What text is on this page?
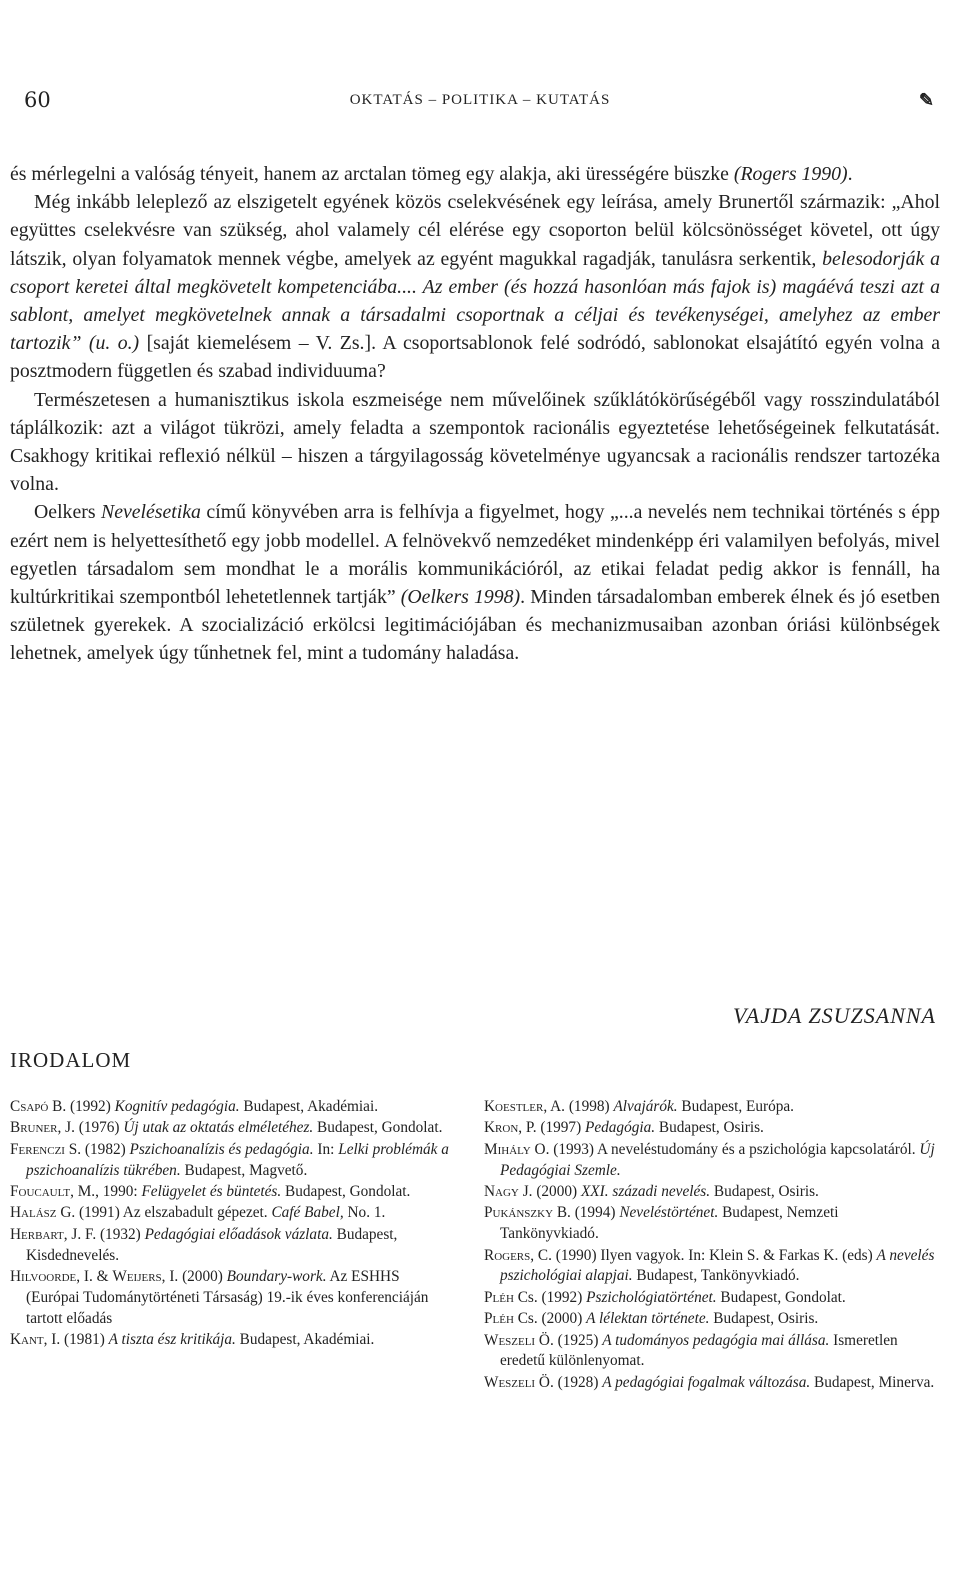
60	OKTATÁS – POLITIKA – KUTATÁS	✎

és mérlegelni a valóság tényeit, hanem az arctalan tömeg egy alakja, aki ürességére büszke (Rogers 1990).

Még inkább leleplező az elszigetelt egyének közös cselekvésének egy leírása, amely Brunertől származik: „Ahol együttes cselekvésre van szükség, ahol valamely cél elérése egy csoporton belül kölcsönösséget követel, ott úgy látszik, olyan folyamatok mennek végbe, amelyek az egyént magukkal ragadják, tanulásra serkentik, belesodorják a csoport keretei által megkövetelt kompetenciába.... Az ember (és hozzá hasonlóan más fajok is) magáévá teszi azt a sablont, amelyet megkövetelnek annak a társadalmi csoportnak a céljai és tevékenységei, amelyhez az ember tartozik” (u. o.) [saját kiemelésem – V. Zs.]. A csoportsablonok felé sodródó, sablonokat elsajátító egyén volna a posztmodern független és szabad individuuma?

Természetesen a humanisztikus iskola eszmeisége nem művelőinek szűklátókörűségéből vagy rosszindulatából táplálkozik: azt a világot tükrözi, amely feladta a szempontok racionális egyeztetése lehetőségeinek felkutatását. Csakhogy kritikai reflexió nélkül – hiszen a tárgyilagosság követelménye ugyancsak a racionális rendszer tartozéka volna.

Oelkers Nevelésetika című könyvében arra is felhívja a figyelmet, hogy „...a nevelés nem technikai történés s épp ezért nem is helyettesíthető egy jobb modellel. A felnövekvő nemzedéket mindenképp éri valamilyen befolyás, mivel egyetlen társadalom sem mondhat le a morális kommunikációról, az etikai feladat pedig akkor is fennáll, ha kultúrkritikai szempontból lehetetlennek tartják” (Oelkers 1998). Minden társadalomban emberek élnek és jó esetben születnek gyerekek. A szocializáció erkölcsi legitimációjában és mechanizmusaiban azonban óriási különbségek lehetnek, amelyek úgy tűnhetnek fel, mint a tudomány haladása.

VAJDA ZSUZSANNA
IRODALOM
Csapó B. (1992) Kognitív pedagógia. Budapest, Akadémiai.
Bruner, J. (1976) Új utak az oktatás elméletéhez. Budapest, Gondolat.
Ferenczi S. (1982) Pszichoanalízis és pedagógia. In: Lelki problémák a pszichoanalízis tükrében. Budapest, Magvető.
Foucault, M., 1990: Felügyelet és büntetés. Budapest, Gondolat.
Halász G. (1991) Az elszabadult gépezet. Café Babel, No. 1.
Herbart, J. F. (1932) Pedagógiai előadások vázlata. Budapest, Kisdednevelés.
Hilvoorde, I. & Weijers, I. (2000) Boundary-work. Az ESHHS (Európai Tudománytörténeti Társaság) 19.-ik éves konferenciáján tartott előadás
Kant, I. (1981) A tiszta ész kritikája. Budapest, Akadémiai.
Koestler, A. (1998) Alvajárók. Budapest, Európa.
Kron, P. (1997) Pedagógia. Budapest, Osiris.
Mihály O. (1993) A neveléstudomány és a pszichológia kapcsolatáról. Új Pedagógiai Szemle.
Nagy J. (2000) XXI. századi nevelés. Budapest, Osiris.
Pukánszky B. (1994) Neveléstörténet. Budapest, Nemzeti Tankönyvkiadó.
Rogers, C. (1990) Ilyen vagyok. In: Klein S. & Farkas K. (eds) A nevelés pszichológiai alapjai. Budapest, Tankönyvkiadó.
Pléh Cs. (1992) Pszichológiatörténet. Budapest, Gondolat.
Pléh Cs. (2000) A lélektan története. Budapest, Osiris.
Weszeli Ö. (1925) A tudományos pedagógia mai állása. Ismeretlen eredetű különlenyomat.
Weszeli Ö. (1928) A pedagógiai fogalmak változása. Budapest, Minerva.
